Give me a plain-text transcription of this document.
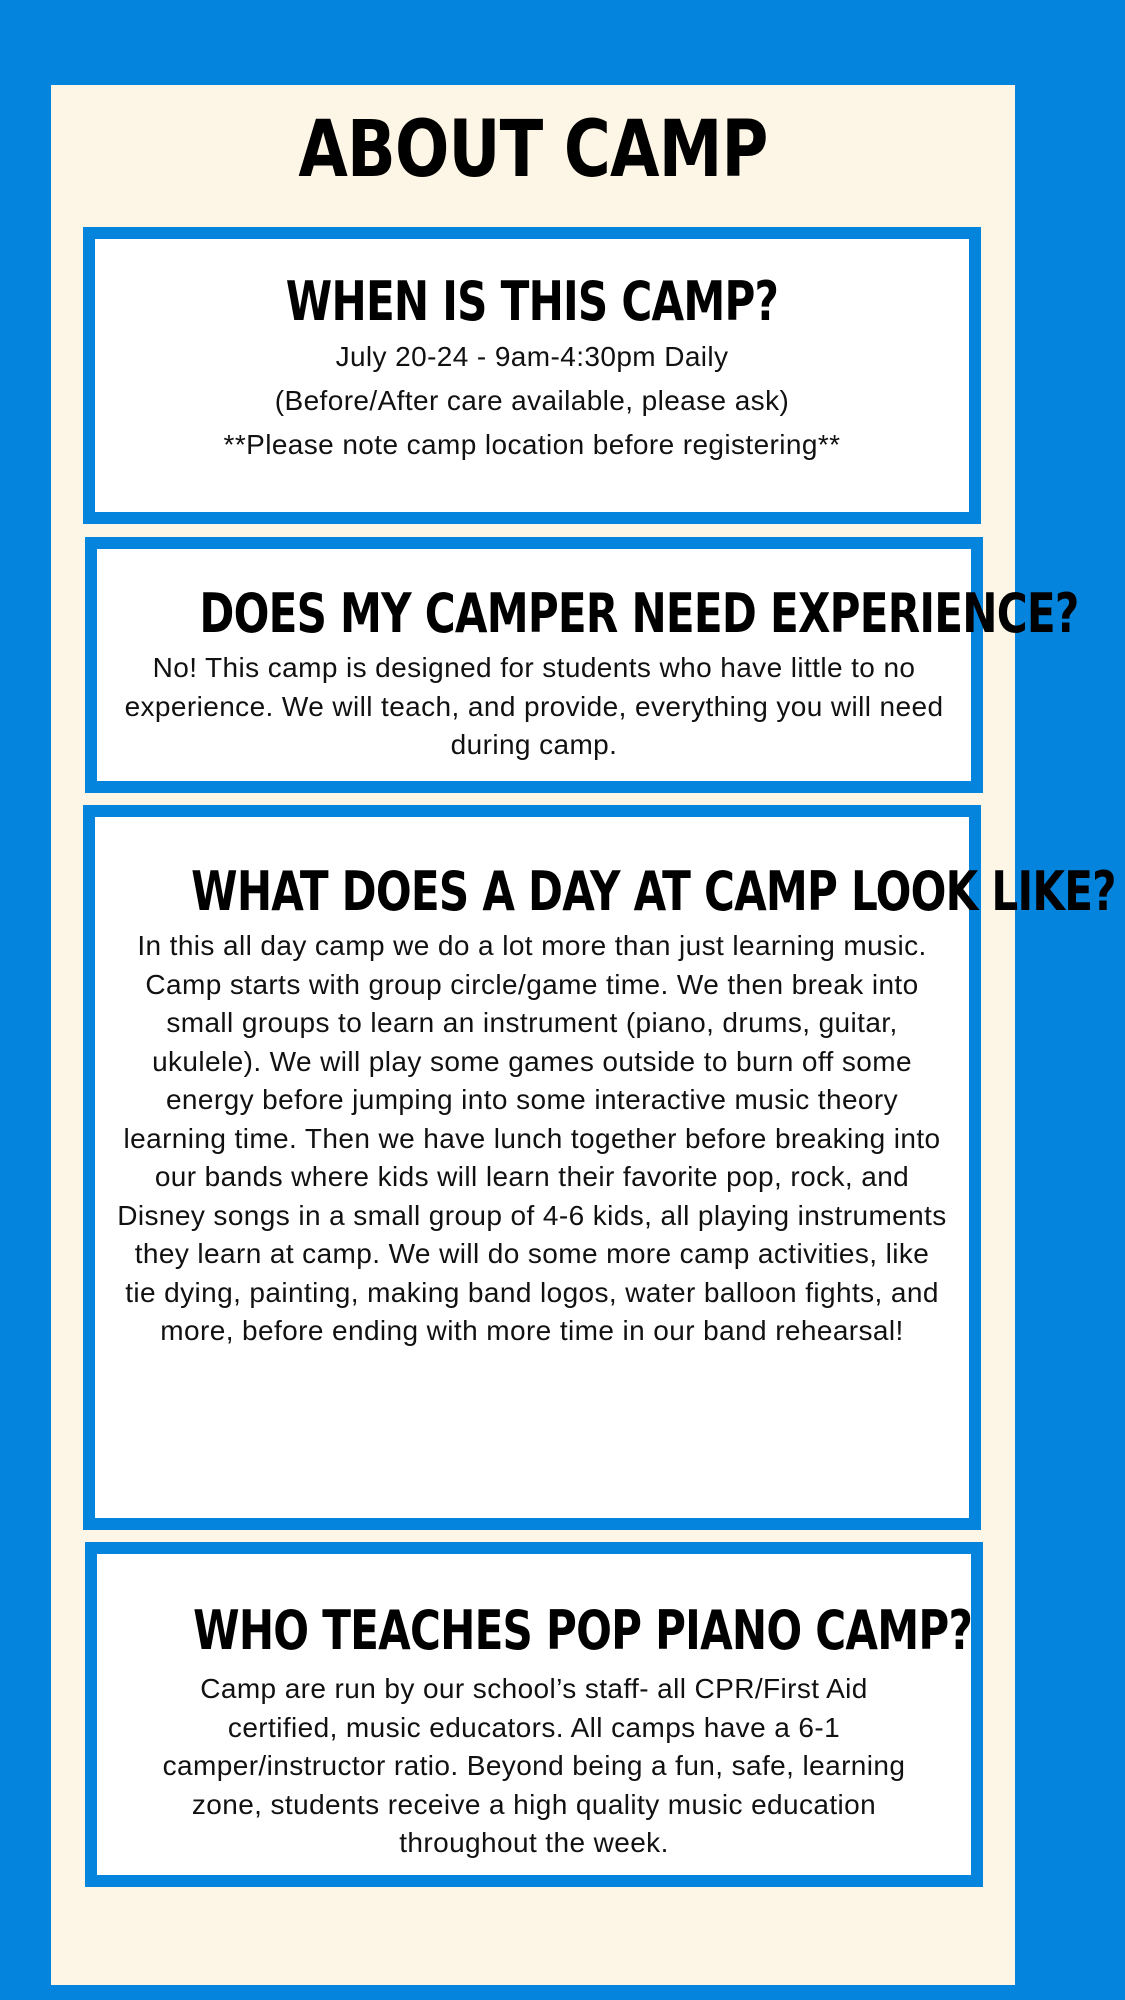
ABOUT CAMP
WHEN IS THIS CAMP?

July 20-24 - 9am-4:30pm Daily

(Before/After care available, please ask)

**Please note camp location before registering**

DOES MY CAMPER NEED EXPERIENCE?

No! This camp is designed for students who have little to no experience. We will teach, and provide, everything you will need during camp.

WHAT DOES A DAY AT CAMP LOOK LIKE?

In this all day camp we do a lot more than just learning music. Camp starts with group circle/game time. We then break into small groups to learn an instrument (piano, drums, guitar, ukulele). We will play some games outside to burn off some energy before jumping into some interactive music theory learning time. Then we have lunch together before breaking into our bands where kids will learn their favorite pop, rock, and Disney songs in a small group of 4-6 kids, all playing instruments they learn at camp. We will do some more camp activities, like tie dying, painting, making band logos, water balloon fights, and more, before ending with more time in our band rehearsal!

WHO TEACHES POP PIANO CAMP?

Camp are run by our school’s staff- all CPR/First Aid certified, music educators. All camps have a 6-1 camper/instructor ratio. Beyond being a fun, safe, learning zone, students receive a high quality music education throughout the week.
